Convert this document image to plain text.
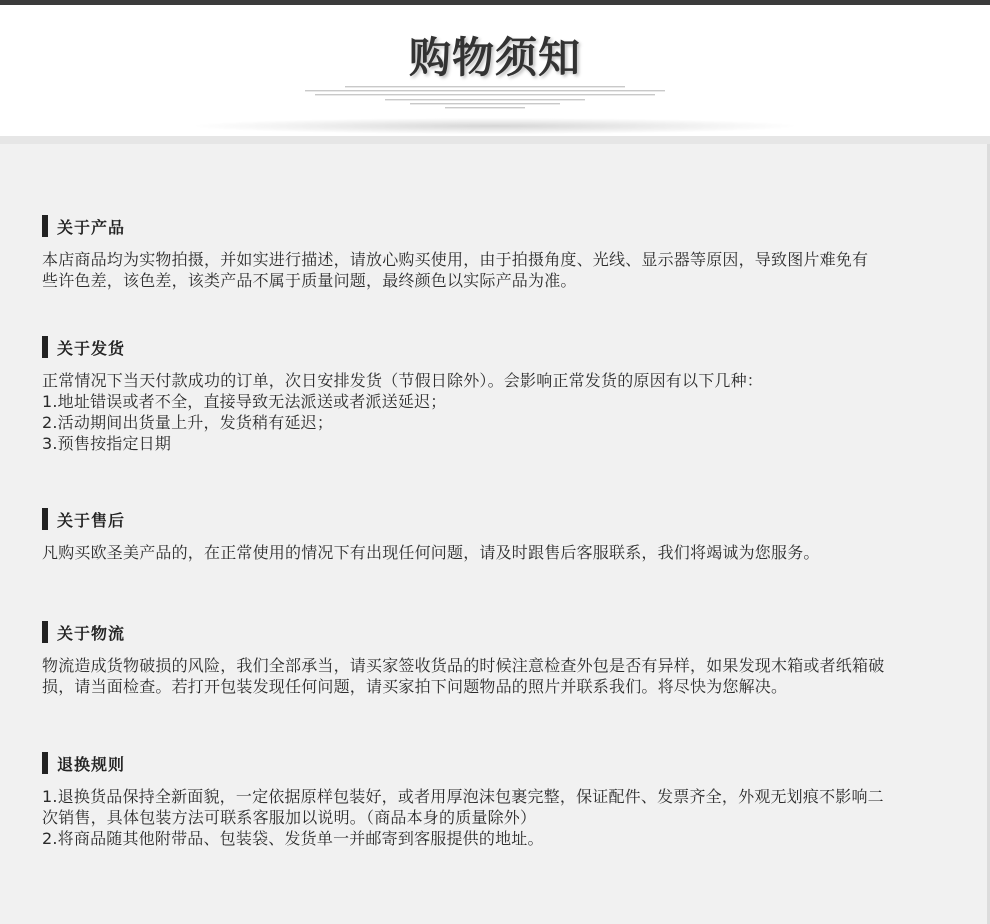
购物须知
关于产品
本店商品均为实物拍摄，并如实进行描述，请放心购买使用，由于拍摄角度、光线、显示器等原因，导致图片难免有
些许色差，该色差，该类产品不属于质量问题，最终颜色以实际产品为准。
关于发货
正常情况下当天付款成功的订单，次日安排发货（节假日除外）。会影响正常发货的原因有以下几种：
1.地址错误或者不全，直接导致无法派送或者派送延迟；
2.活动期间出货量上升，发货稍有延迟；
3.预售按指定日期
关于售后
凡购买欧圣美产品的，在正常使用的情况下有出现任何问题，请及时跟售后客服联系，我们将竭诚为您服务。
关于物流
物流造成货物破损的风险，我们全部承当，请买家签收货品的时候注意检查外包是否有异样，如果发现木箱或者纸箱破
损，请当面检查。若打开包装发现任何问题，请买家拍下问题物品的照片并联系我们。将尽快为您解决。
退换规则
1.退换货品保持全新面貌，一定依据原样包装好，或者用厚泡沫包裹完整，保证配件、发票齐全，外观无划痕不影响二
次销售，具体包装方法可联系客服加以说明。（商品本身的质量除外）
2.将商品随其他附带品、包装袋、发货单一并邮寄到客服提供的地址。
